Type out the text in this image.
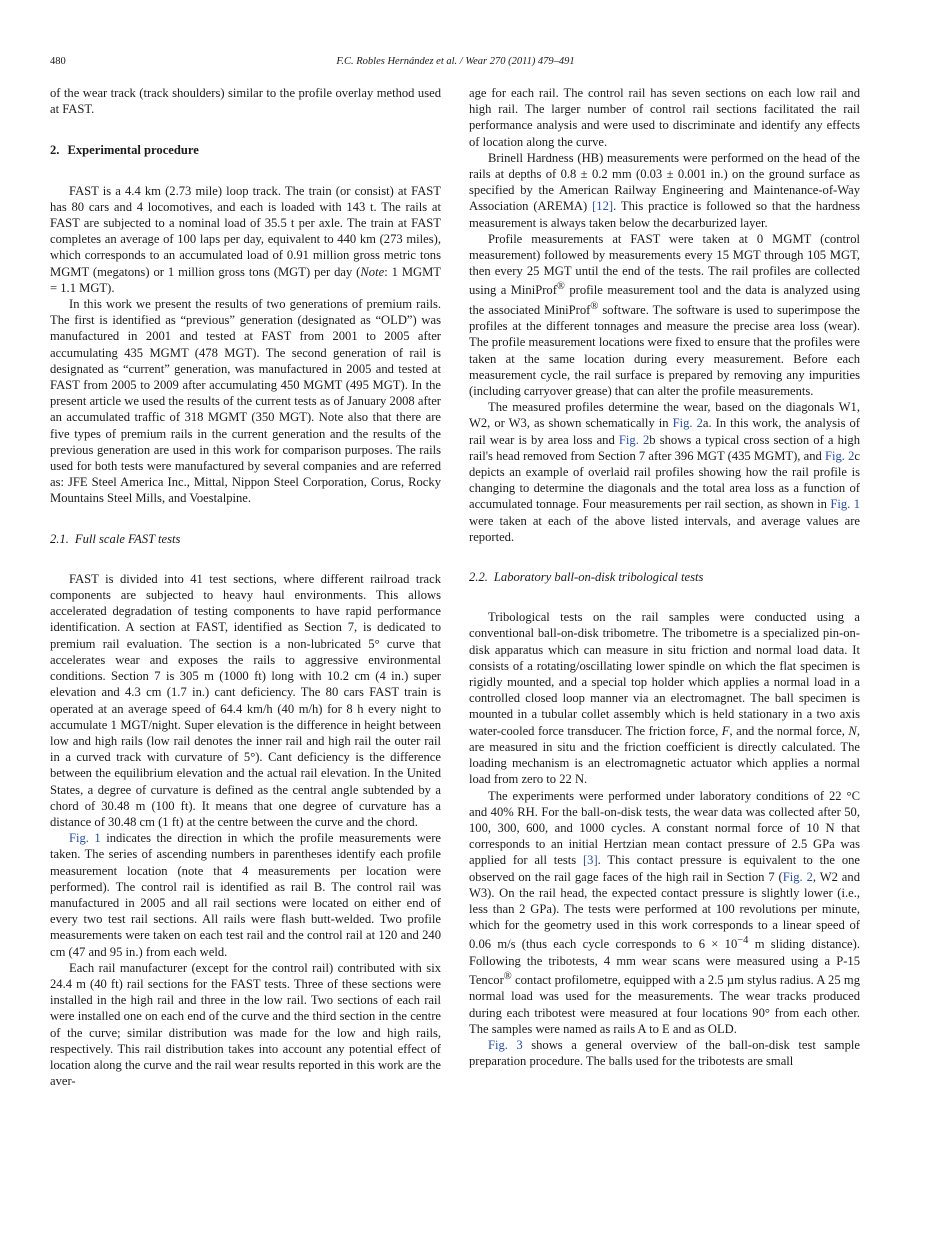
480	F.C. Robles Hernández et al. / Wear 270 (2011) 479–491

of the wear track (track shoulders) similar to the profile overlay method used at FAST.

2. Experimental procedure

FAST is a 4.4 km (2.73 mile) loop track. The train (or consist) at FAST has 80 cars and 4 locomotives, and each is loaded with 143 t. The rails at FAST are subjected to a nominal load of 35.5 t per axle. The train at FAST completes an average of 100 laps per day, equivalent to 440 km (273 miles), which corresponds to an accumulated load of 0.91 million gross metric tons MGMT (megatons) or 1 million gross tons (MGT) per day (Note: 1 MGMT = 1.1 MGT).

In this work we present the results of two generations of premium rails. The first is identified as “previous” generation (designated as “OLD”) was manufactured in 2001 and tested at FAST from 2001 to 2005 after accumulating 435 MGMT (478 MGT). The second generation of rail is designated as “current” generation, was manufactured in 2005 and tested at FAST from 2005 to 2009 after accumulating 450 MGMT (495 MGT). In the present article we used the results of the current tests as of January 2008 after an accumulated traffic of 318 MGMT (350 MGT). Note also that there are five types of premium rails in the current generation and the results of the previous generation are used in this work for comparison purposes. The rails used for both tests were manufactured by several companies and are referred as: JFE Steel America Inc., Mittal, Nippon Steel Corporation, Corus, Rocky Mountains Steel Mills, and Voestalpine.

2.1. Full scale FAST tests

FAST is divided into 41 test sections, where different railroad track components are subjected to heavy haul environments. This allows accelerated degradation of testing components to have rapid performance identification. A section at FAST, identified as Section 7, is dedicated to premium rail evaluation. The section is a non-lubricated 5° curve that accelerates wear and exposes the rails to aggressive environmental conditions. Section 7 is 305 m (1000 ft) long with 10.2 cm (4 in.) super elevation and 4.3 cm (1.7 in.) cant deficiency. The 80 cars FAST train is operated at an average speed of 64.4 km/h (40 m/h) for 8 h every night to accumulate 1 MGT/night. Super elevation is the difference in height between low and high rails (low rail denotes the inner rail and high rail the outer rail in a curved track with curvature of 5°). Cant deficiency is the difference between the equilibrium elevation and the actual rail elevation. In the United States, a degree of curvature is defined as the central angle subtended by a chord of 30.48 m (100 ft). It means that one degree of curvature has a distance of 30.48 cm (1 ft) at the centre between the curve and the chord.

Fig. 1 indicates the direction in which the profile measurements were taken. The series of ascending numbers in parentheses identify each profile measurement location (note that 4 measurements per location were performed). The control rail is identified as rail B. The control rail was manufactured in 2005 and all rail sections were located on either end of every two test rail sections. All rails were flash butt-welded. Two profile measurements were taken on each test rail and the control rail at 120 and 240 cm (47 and 95 in.) from each weld.

Each rail manufacturer (except for the control rail) contributed with six 24.4 m (40 ft) rail sections for the FAST tests. Three of these sections were installed in the high rail and three in the low rail. Two sections of each rail were installed one on each end of the curve and the third section in the centre of the curve; similar distribution was made for the low and high rails, respectively. This rail distribution takes into account any potential effect of location along the curve and the rail wear results reported in this work are the aver-

age for each rail. The control rail has seven sections on each low rail and high rail. The larger number of control rail sections facilitated the rail performance analysis and were used to discriminate and identify any effects of location along the curve.

Brinell Hardness (HB) measurements were performed on the head of the rails at depths of 0.8 ± 0.2 mm (0.03 ± 0.001 in.) on the ground surface as specified by the American Railway Engineering and Maintenance-of-Way Association (AREMA) [12]. This practice is followed so that the hardness measurement is always taken below the decarburized layer.

Profile measurements at FAST were taken at 0 MGMT (control measurement) followed by measurements every 15 MGT through 105 MGT, then every 25 MGT until the end of the tests. The rail profiles are collected using a MiniProf® profile measurement tool and the data is analyzed using the associated MiniProf® software. The software is used to superimpose the profiles at the different tonnages and measure the precise area loss (wear). The profile measurement locations were fixed to ensure that the profiles were taken at the same location during every measurement. Before each measurement cycle, the rail surface is prepared by removing any impurities (including carryover grease) that can alter the profile measurements.

The measured profiles determine the wear, based on the diagonals W1, W2, or W3, as shown schematically in Fig. 2a. In this work, the analysis of rail wear is by area loss and Fig. 2b shows a typical cross section of a high rail's head removed from Section 7 after 396 MGT (435 MGMT), and Fig. 2c depicts an example of overlaid rail profiles showing how the rail profile is changing to determine the diagonals and the total area loss as a function of accumulated tonnage. Four measurements per rail section, as shown in Fig. 1 were taken at each of the above listed intervals, and average values are reported.

2.2. Laboratory ball-on-disk tribological tests

Tribological tests on the rail samples were conducted using a conventional ball-on-disk tribometre. The tribometre is a specialized pin-on-disk apparatus which can measure in situ friction and normal load data. It consists of a rotating/oscillating lower spindle on which the flat specimen is rigidly mounted, and a special top holder which applies a normal load in a controlled closed loop manner via an electromagnet. The ball specimen is mounted in a tubular collet assembly which is held stationary in a two axis water-cooled force transducer. The friction force, F, and the normal force, N, are measured in situ and the friction coefficient is directly calculated. The loading mechanism is an electromagnetic actuator which applies a normal load from zero to 22 N.

The experiments were performed under laboratory conditions of 22 °C and 40% RH. For the ball-on-disk tests, the wear data was collected after 50, 100, 300, 600, and 1000 cycles. A constant normal force of 10 N that corresponds to an initial Hertzian mean contact pressure of 2.5 GPa was applied for all tests [3]. This contact pressure is equivalent to the one observed on the rail gage faces of the high rail in Section 7 (Fig. 2, W2 and W3). On the rail head, the expected contact pressure is slightly lower (i.e., less than 2 GPa). The tests were performed at 100 revolutions per minute, which for the geometry used in this work corresponds to a linear speed of 0.06 m/s (thus each cycle corresponds to $6 \times 10^{-4}$ m sliding distance). Following the tribotests, 4 mm wear scans were measured using a P-15 Tencor® contact profilometre, equipped with a 2.5 µm stylus radius. A 25 mg normal load was used for the measurements. The wear tracks produced during each tribotest were measured at four locations 90° from each other. The samples were named as rails A to E and as OLD.

Fig. 3 shows a general overview of the ball-on-disk test sample preparation procedure. The balls used for the tribotests are small
